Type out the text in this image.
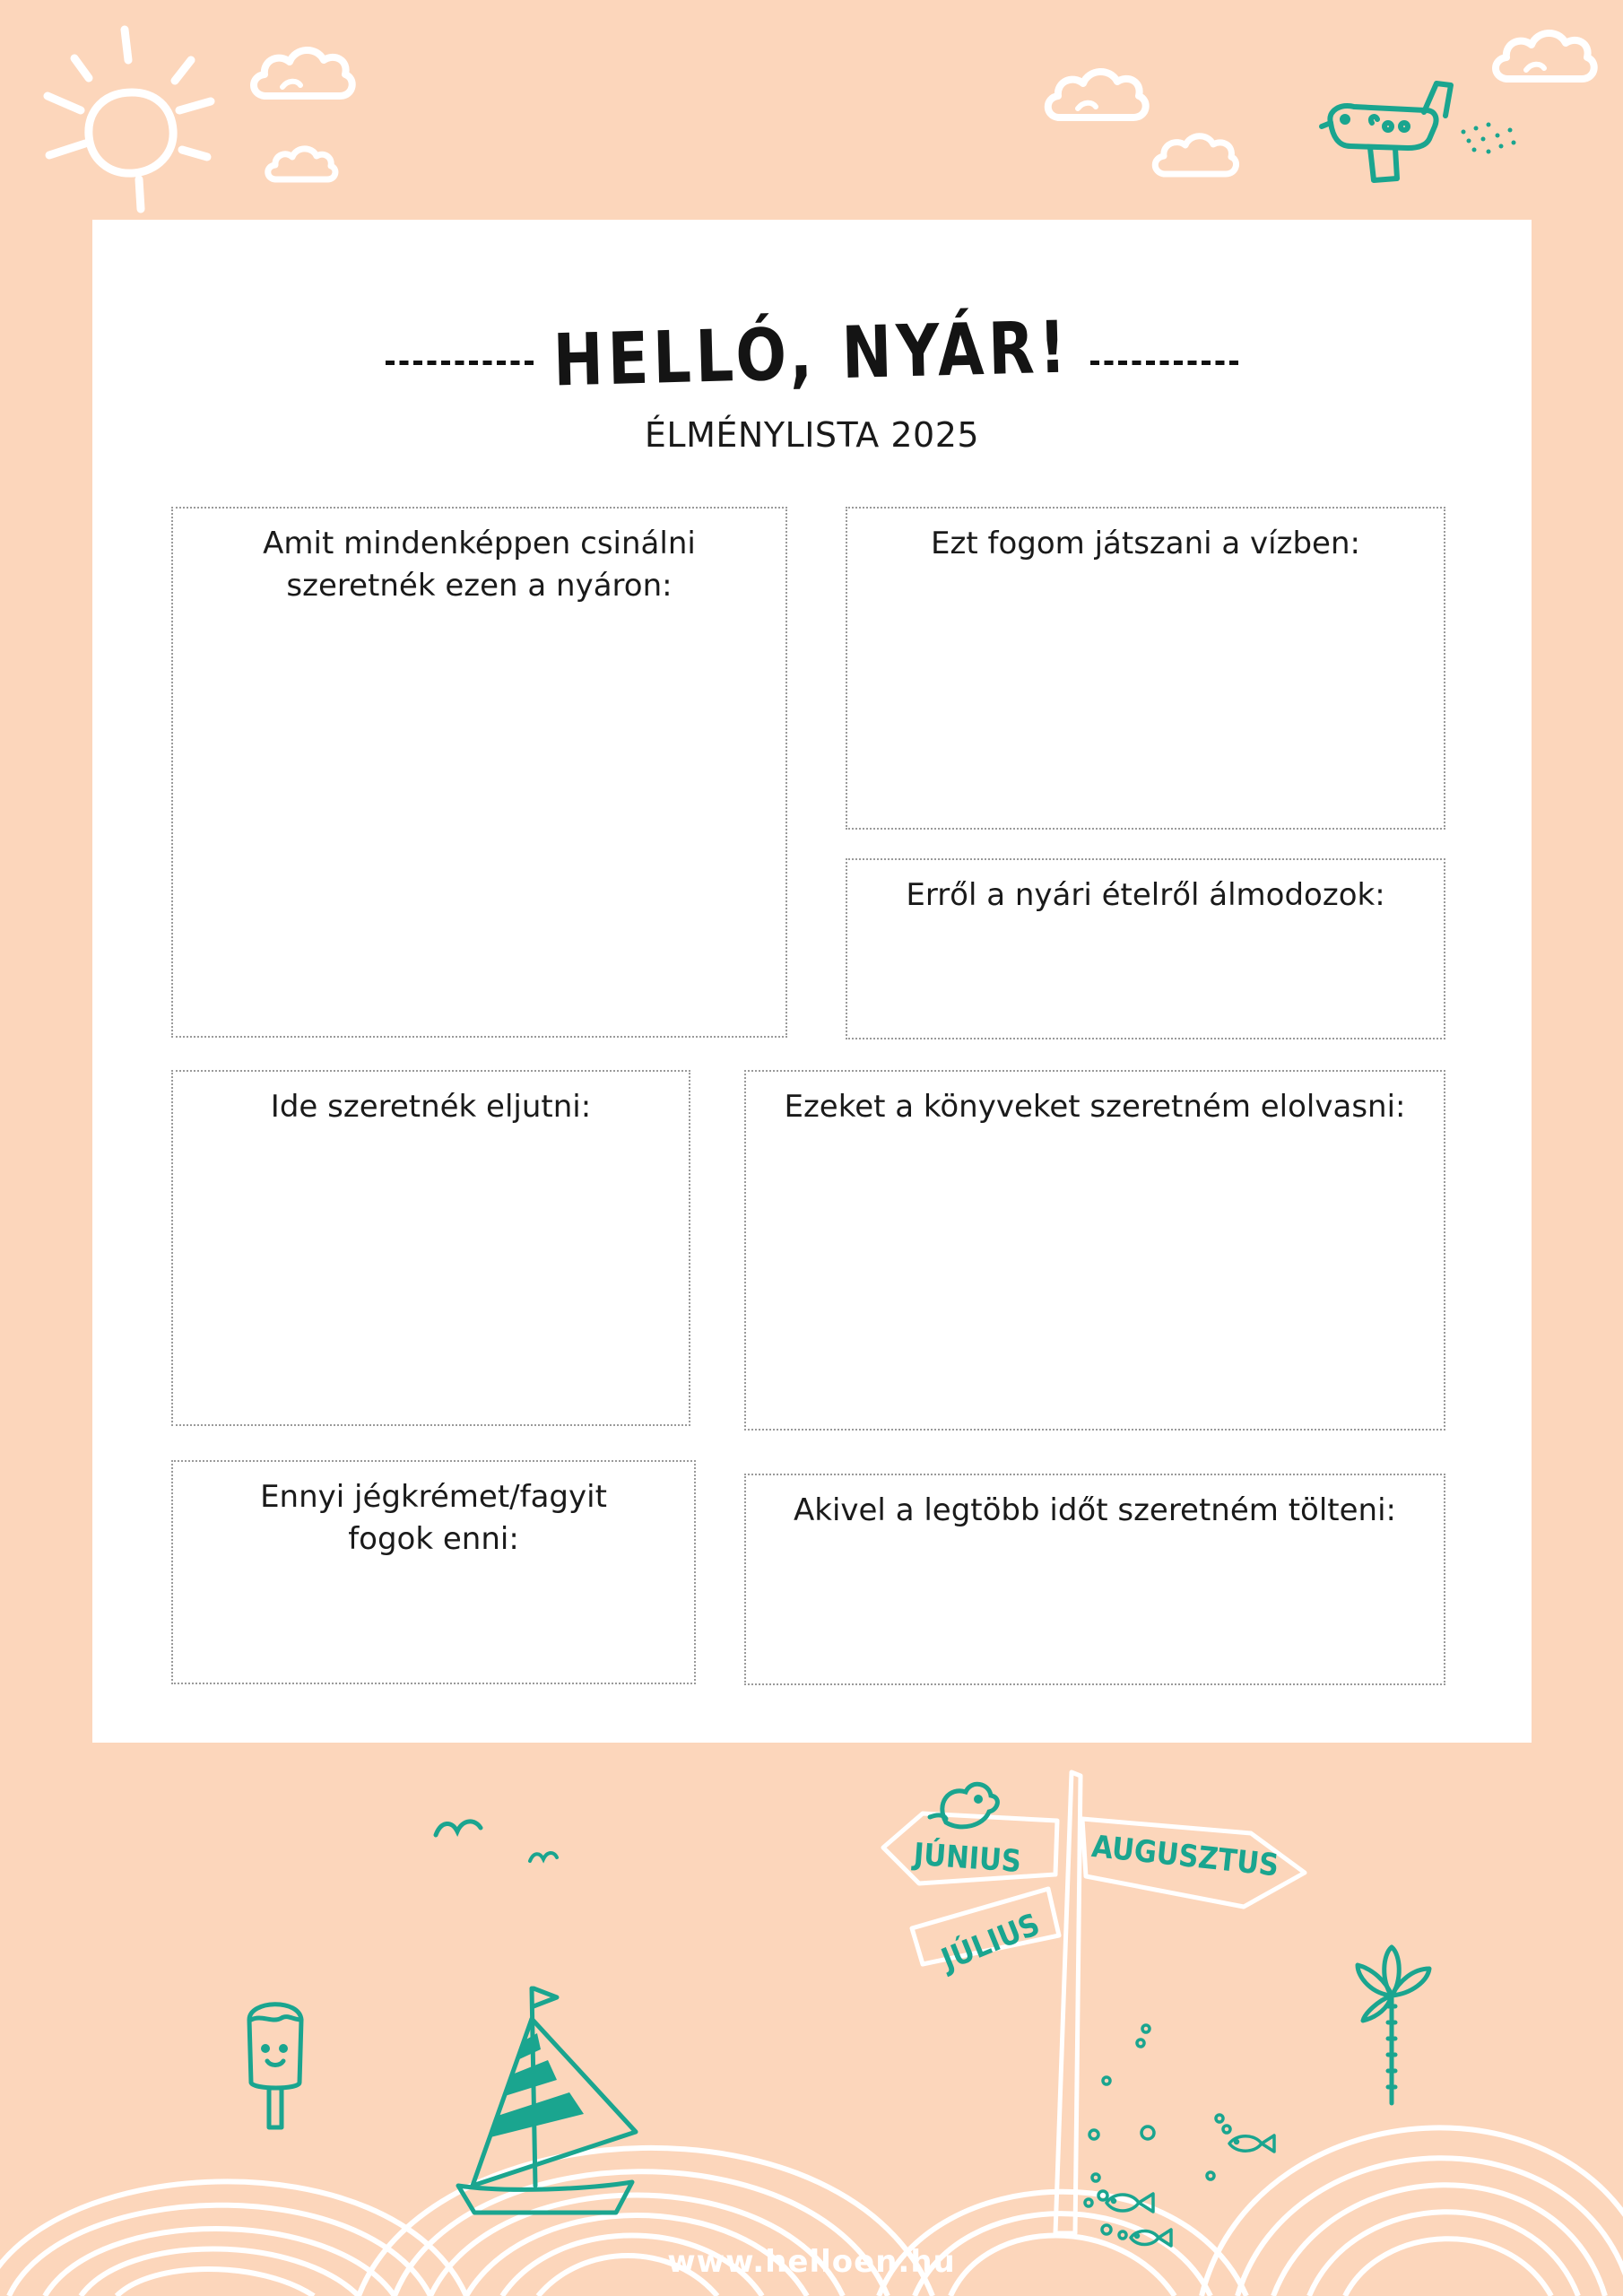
HELLÓ, NYÁR!
ÉLMÉNYLISTA 2025
Amit mindenképpen csinálni
szeretnék ezen a nyáron:
Ezt fogom játszani a vízben:
Erről a nyári ételről álmodozok:
Ide szeretnék eljutni:	Ezeket a könyveket szeretném elolvasni:
Ennyi jégkrémet/fagyit
fogok enni:
Akivel a legtöbb időt szeretném tölteni:
JÚNIUS AUGUSZTUS
JÚLIUS
www.helloen.hu
